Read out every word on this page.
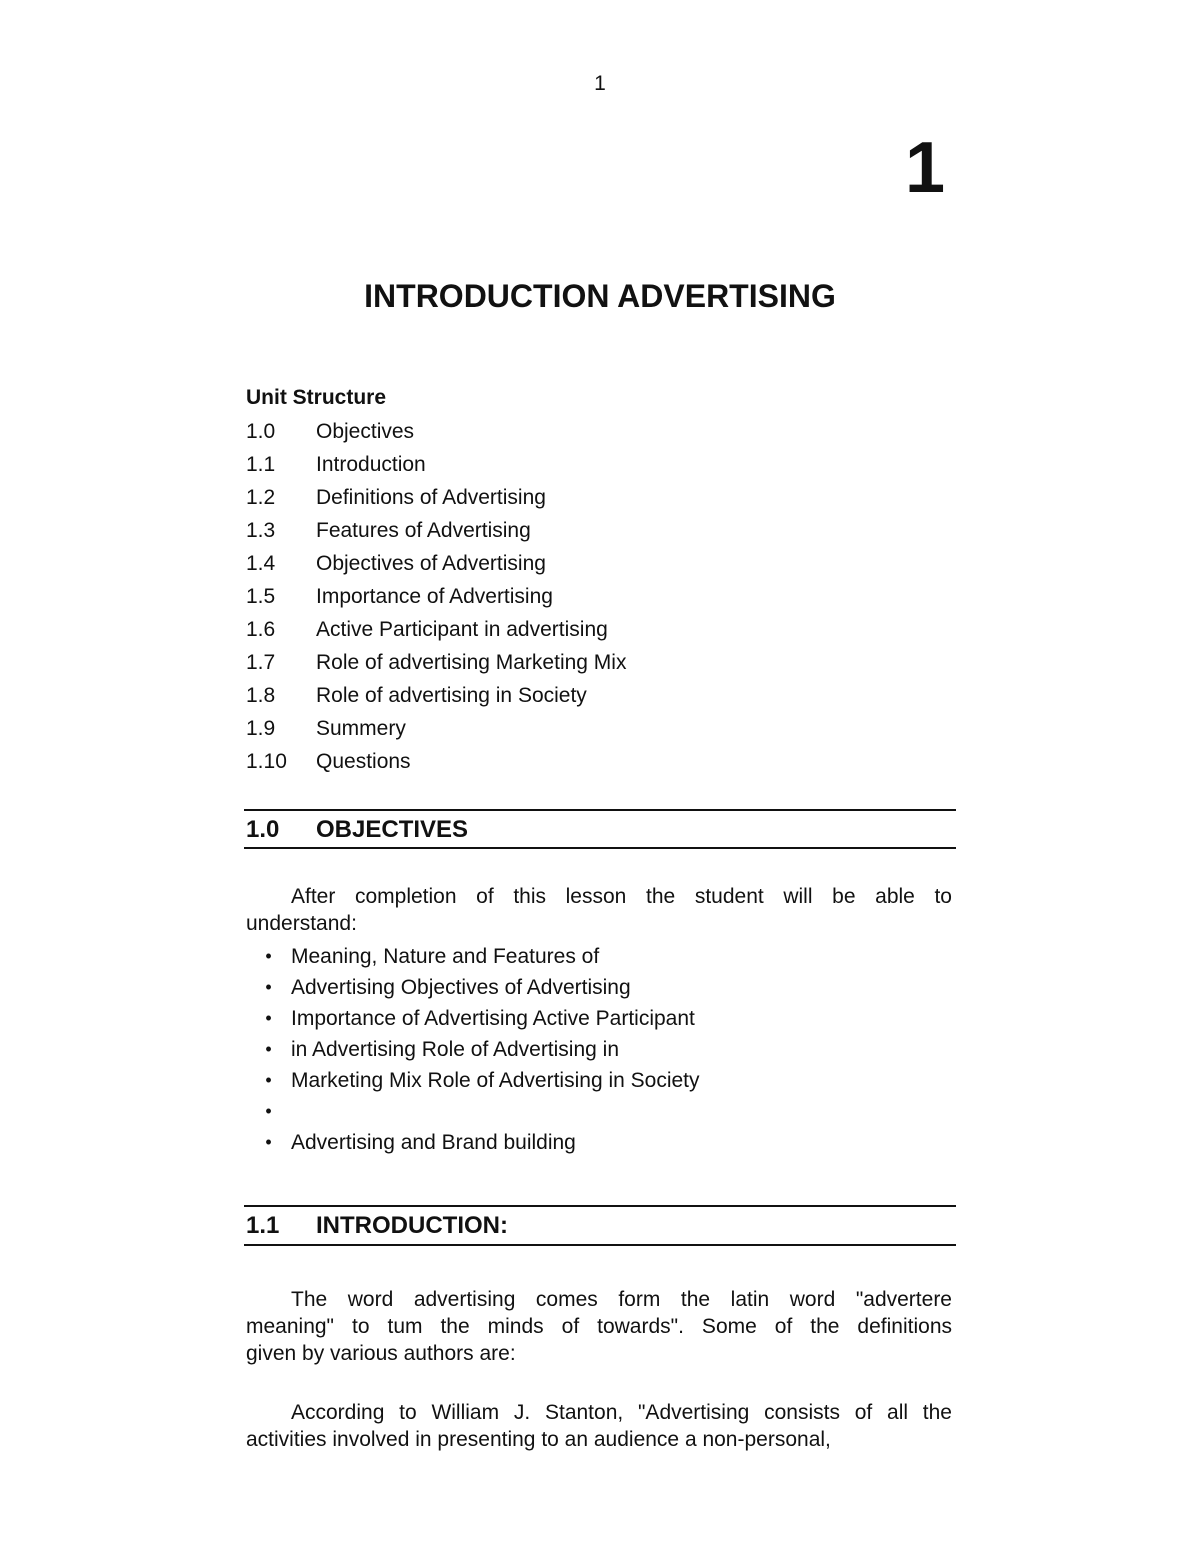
1
1
INTRODUCTION ADVERTISING
Unit Structure
1.0	Objectives
1.1	Introduction
1.2	Definitions of Advertising
1.3	Features of Advertising
1.4	Objectives of Advertising
1.5	Importance of Advertising
1.6	Active Participant in advertising
1.7	Role of advertising Marketing Mix
1.8	Role of advertising in Society
1.9	Summery
1.10	Questions
1.0	OBJECTIVES
After completion of this lesson the student will be able to
understand:
• Meaning, Nature and Features of
• Advertising Objectives of Advertising
• Importance of Advertising Active Participant
• in Advertising Role of Advertising in
• Marketing Mix Role of Advertising in Society
•
• Advertising and Brand building
1.1	INTRODUCTION:
The word advertising comes form the latin word "advertere
meaning" to tum the minds of towards". Some of the definitions
given by various authors are:
According to William J. Stanton, "Advertising consists of all the
activities involved in presenting to an audience a non-personal,
